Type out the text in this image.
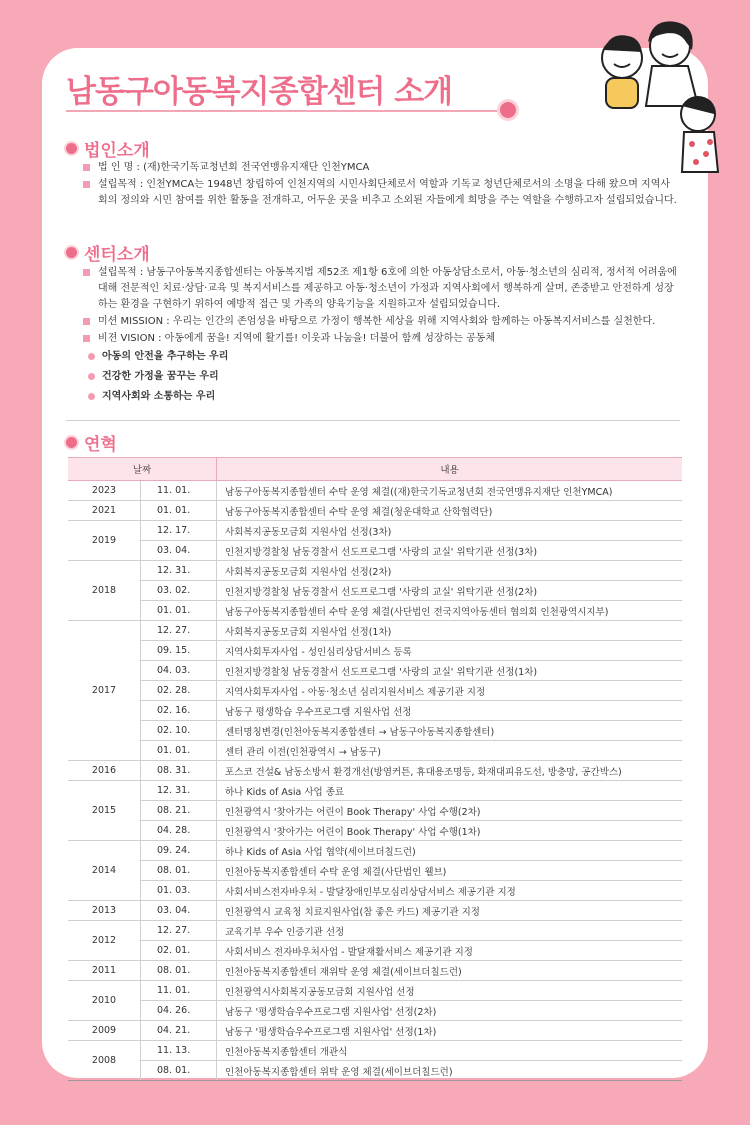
남동구아동복지종합센터 소개
법인소개

법 인 명 : (재)한국기독교청년회 전국연맹유지재단 인천YMCA

설립목적 : 인천YMCA는 1948년 창립하여 인천지역의 시민사회단체로서 역할과 기독교 청년단체로서의 소명을 다해 왔으며 지역사회의 정의와 시민 참여를 위한 활동을 전개하고, 어두운 곳을 비추고 소외된 자들에게 희망을 주는 역할을 수행하고자 설립되었습니다.

센터소개

설립목적 : 남동구아동복지종합센터는 아동복지법 제52조 제1항 6호에 의한 아동상담소로서, 아동·청소년의 심리적, 정서적 어려움에 대해 전문적인 치료·상담·교육 및 복지서비스를 제공하고 아동·청소년이 가정과 지역사회에서 행복하게 살며, 존중받고 안전하게 성장하는 환경을 구현하기 위하여 예방적 접근 및 가족의 양육기능을 지원하고자 설립되었습니다.

미션 MISSION : 우리는 인간의 존엄성을 바탕으로 가정이 행복한 세상을 위해 지역사회와 함께하는 아동복지서비스를 실천한다.

비젼 VISION : 아동에게 꿈을! 지역에 활기를! 이웃과 나눔을! 더불어 함께 성장하는 공동체

아동의 안전을 추구하는 우리

건강한 가정을 꿈꾸는 우리

지역사회와 소통하는 우리

연혁
날짜		내용
2023	11. 01.	남동구아동복지종합센터 수탁 운영 체결((재)한국기독교청년회 전국연맹유지재단 인천YMCA)
2021	01. 01.	남동구아동복지종합센터 수탁 운영 체결(청운대학교 산학협력단)
2019	12. 17.	사회복지공동모금회 지원사업 선정(3차)
	03. 04.	인천지방경찰청 남동경찰서 선도프로그램 '사랑의 교실' 위탁기관 선정(3차)
2018	12. 31.	사회복지공동모금회 지원사업 선정(2차)
	03. 02.	인천지방경찰청 남동경찰서 선도프로그램 '사랑의 교실' 위탁기관 선정(2차)
	01. 01.	남동구아동복지종합센터 수탁 운영 체결(사단법인 전국지역아동센터 협의회 인천광역시지부)
2017	12. 27.	사회복지공동모금회 지원사업 선정(1차)
	09. 15.	지역사회투자사업 - 성인심리상담서비스 등록
	04. 03.	인천지방경찰청 남동경찰서 선도프로그램 '사랑의 교실' 위탁기관 선정(1차)
	02. 28.	지역사회투자사업 - 아동·청소년 심리지원서비스 제공기관 지정
	02. 16.	남동구 평생학습 우수프로그램 지원사업 선정
	02. 10.	센터명칭변경(인천아동복지종합센터 → 남동구아동복지종합센터)
	01. 01.	센터 관리 이전(인천광역시 → 남동구)
2016	08. 31.	포스코 건설& 남동소방서 환경개선(방염커튼, 휴대용조명등, 화재대피유도선, 방충망, 공간박스)
2015	12. 31.	하나 Kids of Asia 사업 종료
	08. 21.	인천광역시 '찾아가는 어린이 Book Therapy' 사업 수행(2차)
	04. 28.	인천광역시 '찾아가는 어린이 Book Therapy' 사업 수행(1차)
2014	09. 24.	하나 Kids of Asia 사업 협약(세이브더칠드런)
	08. 01.	인천아동복지종합센터 수탁 운영 체결(사단법인 웰브)
	01. 03.	사회서비스전자바우처 - 발달장애인부모심리상담서비스 제공기관 지정
2013	03. 04.	인천광역시 교육청 치료지원사업(참 좋은 카드) 제공기관 지정
2012	12. 27.	교육기부 우수 인증기관 선정
	02. 01.	사회서비스 전자바우처사업 - 발달재활서비스 제공기관 지정
2011	08. 01.	인천아동복지종합센터 재위탁 운영 체결(세이브더칠드런)
2010	11. 01.	인천광역시사회복지공동모금회 지원사업 선정
	04. 26.	남동구 '평생학습우수프로그램 지원사업' 선정(2차)
2009	04. 21.	남동구 '평생학습우수프로그램 지원사업' 선정(1차)
2008	11. 13.	인천아동복지종합센터 개관식
	08. 01.	인천아동복지종합센터 위탁 운영 체결(세이브더칠드런)
